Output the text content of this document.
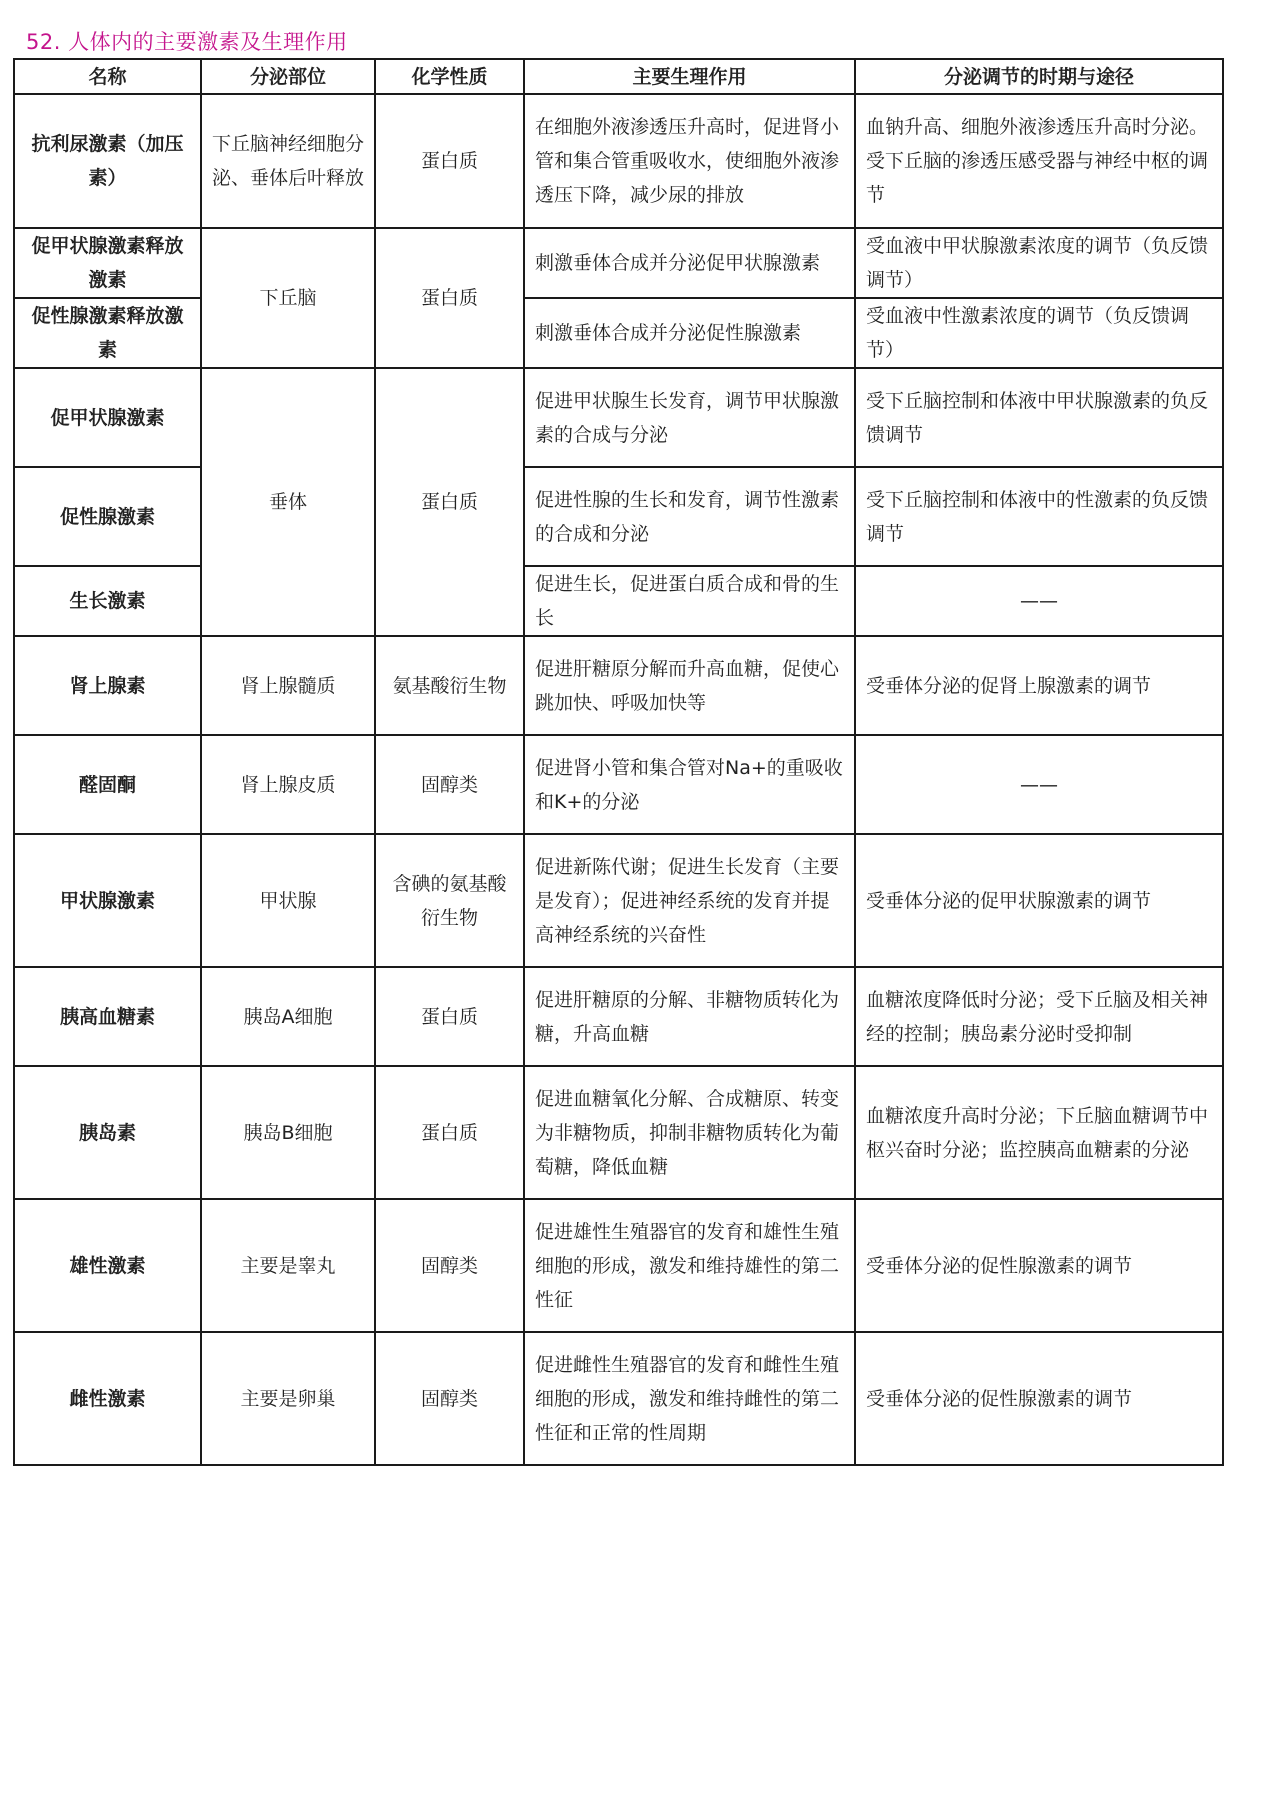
52. 人体内的主要激素及生理作用
名称	分泌部位	化学性质	主要生理作用	分泌调节的时期与途径
抗利尿激素（加压素）	下丘脑神经细胞分泌、垂体后叶释放	蛋白质	在细胞外液渗透压升高时，促进肾小管和集合管重吸收水，使细胞外液渗透压下降，减少尿的排放	血钠升高、细胞外液渗透压升高时分泌。受下丘脑的渗透压感受器与神经中枢的调节
促甲状腺激素释放激素	下丘脑	蛋白质	刺激垂体合成并分泌促甲状腺激素	受血液中甲状腺激素浓度的调节（负反馈调节）
促性腺激素释放激素			刺激垂体合成并分泌促性腺激素	受血液中性激素浓度的调节（负反馈调节）
促甲状腺激素	垂体	蛋白质	促进甲状腺生长发育，调节甲状腺激素的合成与分泌	受下丘脑控制和体液中甲状腺激素的负反馈调节
促性腺激素			促进性腺的生长和发育，调节性激素的合成和分泌	受下丘脑控制和体液中的性激素的负反馈调节
生长激素			促进生长，促进蛋白质合成和骨的生长	——
肾上腺素	肾上腺髓质	氨基酸衍生物	促进肝糖原分解而升高血糖，促使心跳加快、呼吸加快等	受垂体分泌的促肾上腺激素的调节
醛固酮	肾上腺皮质	固醇类	促进肾小管和集合管对Na+的重吸收和K+的分泌	——
甲状腺激素	甲状腺	含碘的氨基酸衍生物	促进新陈代谢；促进生长发育（主要是发育）；促进神经系统的发育并提高神经系统的兴奋性	受垂体分泌的促甲状腺激素的调节
胰高血糖素	胰岛A细胞	蛋白质	促进肝糖原的分解、非糖物质转化为糖，升高血糖	血糖浓度降低时分泌；受下丘脑及相关神经的控制；胰岛素分泌时受抑制
胰岛素	胰岛B细胞	蛋白质	促进血糖氧化分解、合成糖原、转变为非糖物质，抑制非糖物质转化为葡萄糖，降低血糖	血糖浓度升高时分泌；下丘脑血糖调节中枢兴奋时分泌；监控胰高血糖素的分泌
雄性激素	主要是睾丸	固醇类	促进雄性生殖器官的发育和雄性生殖细胞的形成，激发和维持雄性的第二性征	受垂体分泌的促性腺激素的调节
雌性激素	主要是卵巢	固醇类	促进雌性生殖器官的发育和雌性生殖细胞的形成，激发和维持雌性的第二性征和正常的性周期	受垂体分泌的促性腺激素的调节
